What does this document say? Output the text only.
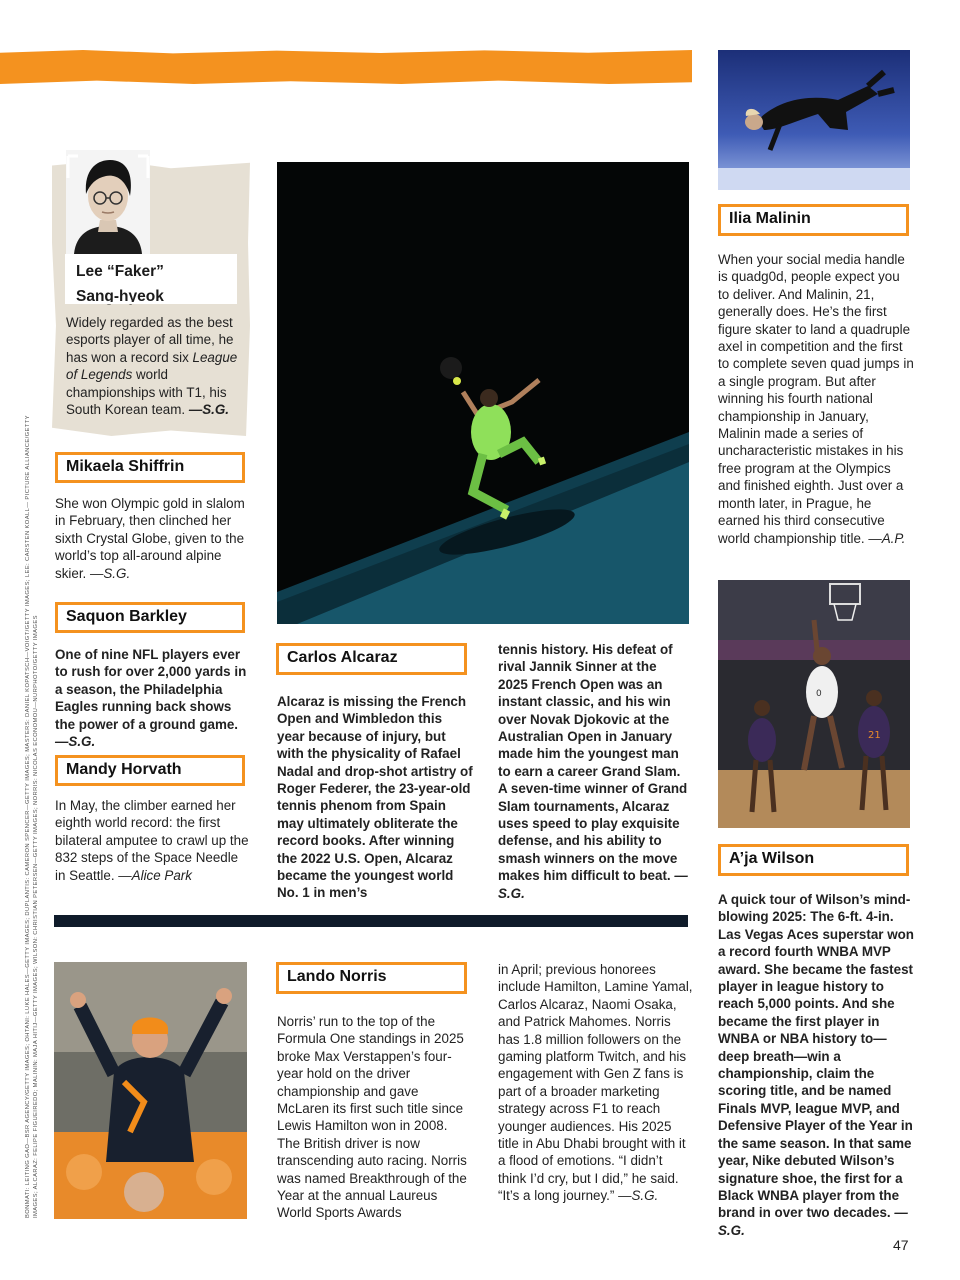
BONMATI: LEITING GAO—BSR AGENCY/GETTY IMAGES; OHTANI: LUKE HALES—GETTY IMAGES; DUPLANTIS: CAMERON SPENCER—GETTY IMAGES; MASTERS: DANIEL KOPATSCH—VOIGT/GETTY IMAGES; LEE: CARSTEN KOALL— PICTURE ALLIANCE/GETTY IMAGES; ALCARAZ: FELIPE FIGUEIREDO; MALININ: MAJA HITIJ—GETTY IMAGES; WILSON: CHRISTIAN PETERSEN—GETTY IMAGES; NORRIS: NICOLAS ECONOMOU—NURPHOTO/GETTY IMAGES
Lee “Faker”
Sang-hyeok
Widely regarded as the best esports player of all time, he has won a record six League of Legends world championships with T1, his South Korean team. —S.G.
Mikaela Shiffrin
She won Olympic gold in slalom in February, then clinched her sixth Crystal Globe, given to the world’s top all-around alpine skier. —S.G.
Saquon Barkley
One of nine NFL players ever to rush for over 2,000 yards in a season, the Philadelphia Eagles running back shows the power of a ground game. —S.G.
Mandy Horvath
In May, the climber earned her eighth world record: the first bilateral amputee to crawl up the 832 steps of the Space Needle in Seattle. —Alice Park
Carlos Alcaraz
Alcaraz is missing the French Open and Wimbledon this year because of injury, but with the physicality of Rafael Nadal and drop-shot artistry of Roger Federer, the 23-year-old tennis phenom from Spain may ultimately obliterate the record books. After winning the 2022 U.S. Open, Alcaraz became the youngest world No. 1 in men’s
tennis history. His defeat of rival Jannik Sinner at the 2025 French Open was an instant classic, and his win over Novak Djokovic at the Australian Open in January made him the youngest man to earn a career Grand Slam. A seven-time winner of Grand Slam tournaments, Alcaraz uses speed to play exquisite defense, and his ability to smash winners on the move makes him difficult to beat. —S.G.
Ilia Malinin
When your social media handle is quadg0d, people expect you to deliver. And Malinin, 21, generally does. He’s the first figure skater to land a quadruple axel in competition and the first to complete seven quad jumps in a single program. But after winning his fourth national championship in January, Malinin made a series of uncharacteristic mistakes in his free program at the Olympics and finished eighth. Just over a month later, in Prague, he earned his third consecutive world championship title. —A.P.
0
21
A’ja Wilson
A quick tour of Wilson’s mind-blowing 2025: The 6-ft. 4-in. Las Vegas Aces superstar won a record fourth WNBA MVP award. She became the fastest player in league history to reach 5,000 points. And she became the first player in WNBA or NBA history to—deep breath—win a championship, claim the scoring title, and be named Finals MVP, league MVP, and Defensive Player of the Year in the same season. In that same year, Nike debuted Wilson’s signature shoe, the first for a Black WNBA player from the brand in over two decades. —S.G.
Lando Norris
Norris’ run to the top of the Formula One standings in 2025 broke Max Verstappen’s four-year hold on the driver championship and gave McLaren its first such title since Lewis Hamilton won in 2008. The British driver is now transcending auto racing. Norris was named Breakthrough of the Year at the annual Laureus World Sports Awards
in April; previous honorees include Hamilton, Lamine Yamal, Carlos Alcaraz, Naomi Osaka, and Patrick Mahomes. Norris has 1.8 million followers on the gaming platform Twitch, and his engagement with Gen Z fans is part of a broader marketing strategy across F1 to reach younger audiences. His 2025 title in Abu Dhabi brought with it a flood of emotions. “I didn’t think I’d cry, but I did,” he said. “It’s a long journey.” —S.G.
47
